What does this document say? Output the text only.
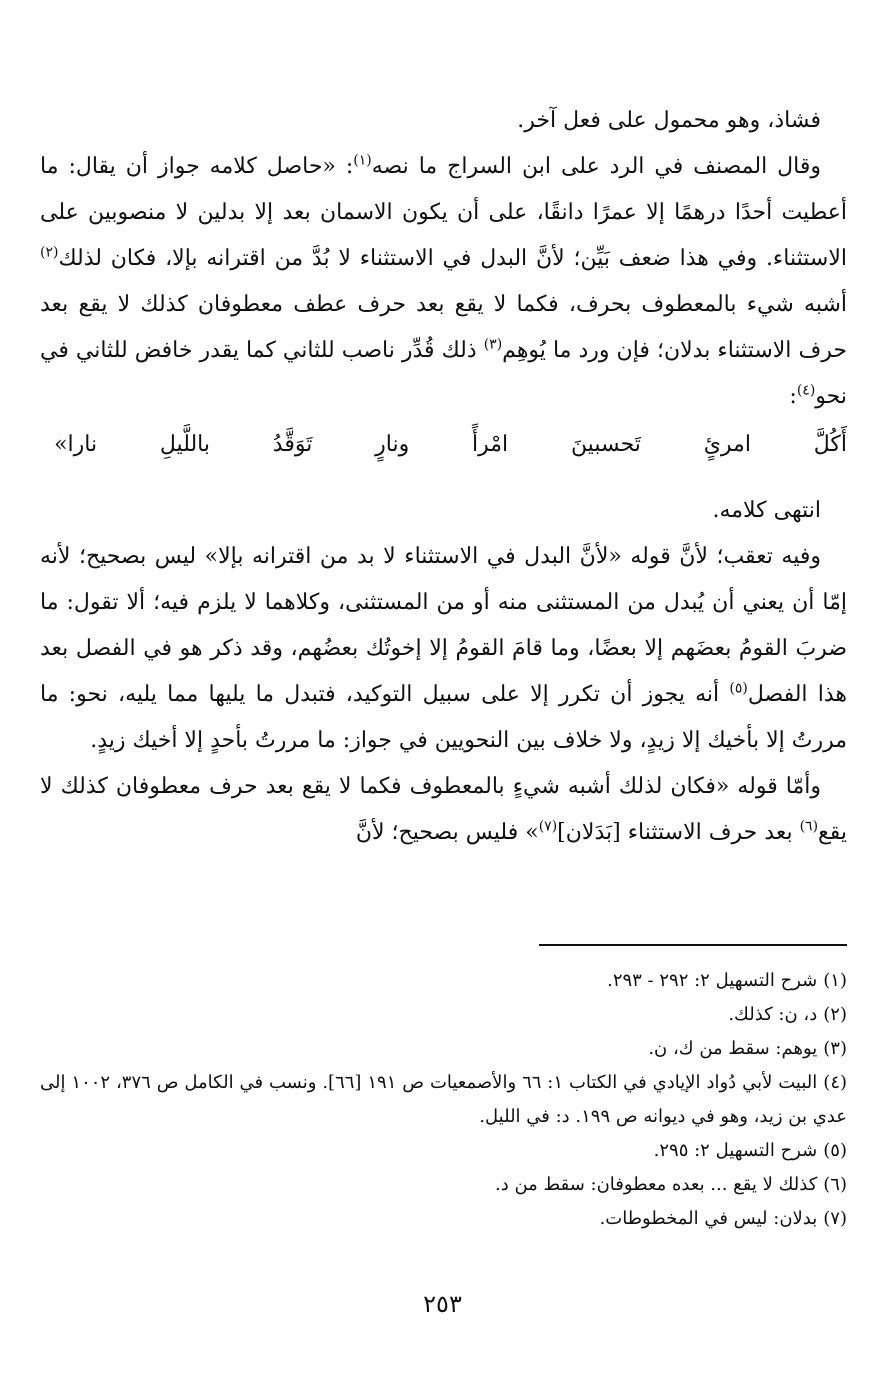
فشاذ، وهو محمول على فعل آخر.

وقال المصنف في الرد على ابن السراج ما نصه$^{(١)}$: «حاصل كلامه جواز أن يقال: ما أعطيت أحدًا درهمًا إلا عمرًا دانقًا، على أن يكون الاسمان بعد إلا بدلين لا منصوبين على الاستثناء. وفي هذا ضعف بَيِّن؛ لأنَّ البدل في الاستثناء لا بُدَّ من اقترانه بإلا، فكان لذلك$^{(٢)}$ أشبه شيء بالمعطوف بحرف، فكما لا يقع بعد حرف عطف معطوفان كذلك لا يقع بعد حرف الاستثناء بدلان؛ فإن ورد ما يُوهِم$^{(٣)}$ ذلك قُدِّر ناصب للثاني كما يقدر خافض للثاني في نحو$^{(٤)}$:

أَكُلَّ
امرئٍ
تَحسبينَ
امْرأً
ونارٍ
تَوَقَّدُ
باللَّيلِ
نارا»

انتهى كلامه.

وفيه تعقب؛ لأنَّ قوله «لأنَّ البدل في الاستثناء لا بد من اقترانه بإلا» ليس بصحيح؛ لأنه إمّا أن يعني أن يُبدل من المستثنى منه أو من المستثنى، وكلاهما لا يلزم فيه؛ ألا تقول: ما ضربَ القومُ بعضَهم إلا بعضًا، وما قامَ القومُ إلا إخوتُك بعضُهم، وقد ذكر هو في الفصل بعد هذا الفصل$^{(٥)}$ أنه يجوز أن تكرر إلا على سبيل التوكيد، فتبدل ما يليها مما يليه، نحو: ما مررتُ إلا بأخيك إلا زيدٍ، ولا خلاف بين النحويين في جواز: ما مررتُ بأحدٍ إلا أخيك زيدٍ.

وأمّا قوله «فكان لذلك أشبه شيءٍ بالمعطوف فكما لا يقع بعد حرف معطوفان كذلك لا يقع$^{(٦)}$ بعد حرف الاستثناء [بَدَلان]$^{(٧)}$» فليس بصحيح؛ لأنَّ

(١)شرح التسهيل ٢: ٢٩٢ - ٢٩٣.

(٢)د، ن: كذلك.

(٣)يوهم: سقط من ك، ن.

(٤)البيت لأبي دُواد الإيادي في الكتاب ١: ٦٦ والأصمعيات ص ١٩١ [٦٦]. ونسب في الكامل ص ٣٧٦، ١٠٠٢ إلى عدي بن زيد، وهو في ديوانه ص ١٩٩. د: في الليل.

(٥)شرح التسهيل ٢: ٢٩٥.

(٦)كذلك لا يقع ... بعده معطوفان: سقط من د.

(٧)بدلان: ليس في المخطوطات.

٢٥٣
